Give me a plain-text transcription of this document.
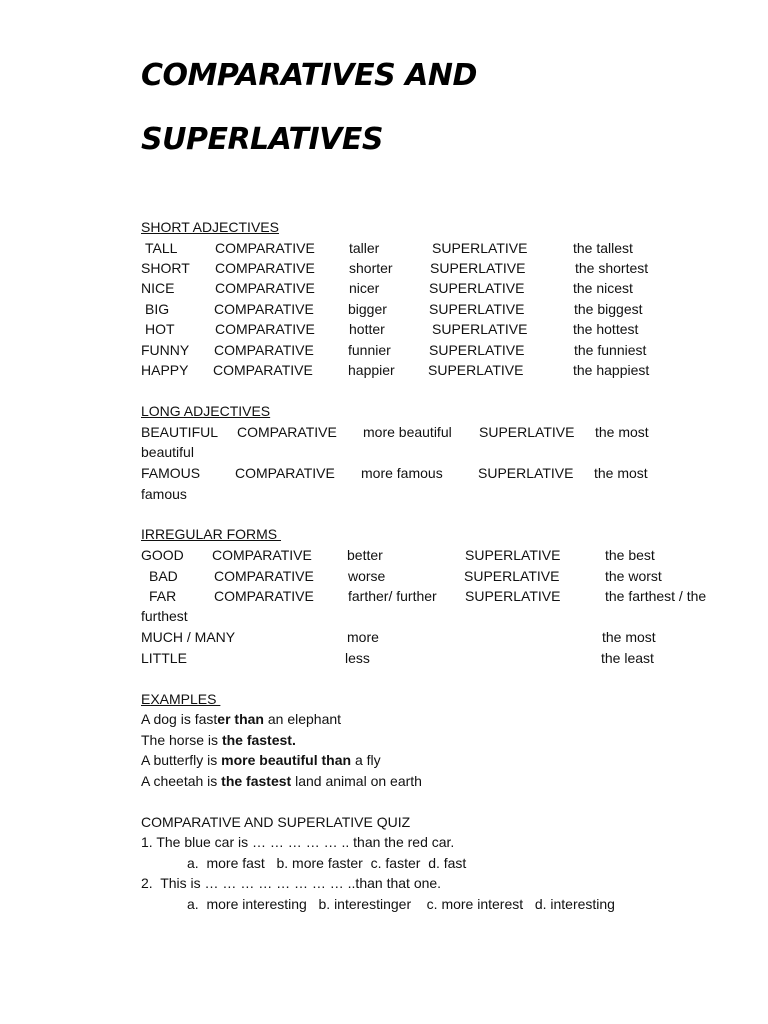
COMPARATIVES AND
SUPERLATIVES
SHORT ADJECTIVES
TALL	COMPARATIVE taller	SUPERLATIVE	the tallest
SHORT COMPARATIVE shorter	SUPERLATIVE	the shortest
NICE	COMPARATIVE nicer	SUPERLATIVE	the nicest
BIG	COMPARATIVE bigger	SUPERLATIVE	the biggest
HOT	COMPARATIVE hotter	SUPERLATIVE	the hottest
FUNNY COMPARATIVE funnier	SUPERLATIVE	the funniest
HAPPY COMPARATIVE	happier SUPERLATIVE	the happiest
LONG ADJECTIVES
BEAUTIFUL COMPARATIVE more beautiful SUPERLATIVE the most
beautiful
FAMOUS COMPARATIVE more famous	SUPERLATIVE the most
famous
IRREGULAR FORMS
GOOD COMPARATIVE	better	SUPERLATIVE	the best
BAD	COMPARATIVE worse	SUPERLATIVE	the worst
FAR	COMPARATIVE farther/ further SUPERLATIVE	the farthest / the
furthest
MUCH / MANY	more	the most
LITTLE	less	the least
EXAMPLES
A dog is faster than an elephant
The horse is the fastest.
A butterfly is more beautiful than a fly
A cheetah is the fastest land animal on earth
COMPARATIVE AND SUPERLATIVE QUIZ
1. The blue car is … … … … … .. than the red car.
a.  more fast   b. more faster  c. faster  d. fast
2.  This is … … … … … … … … ..than that one.
a.  more interesting   b. interestinger    c. more interest   d. interesting
